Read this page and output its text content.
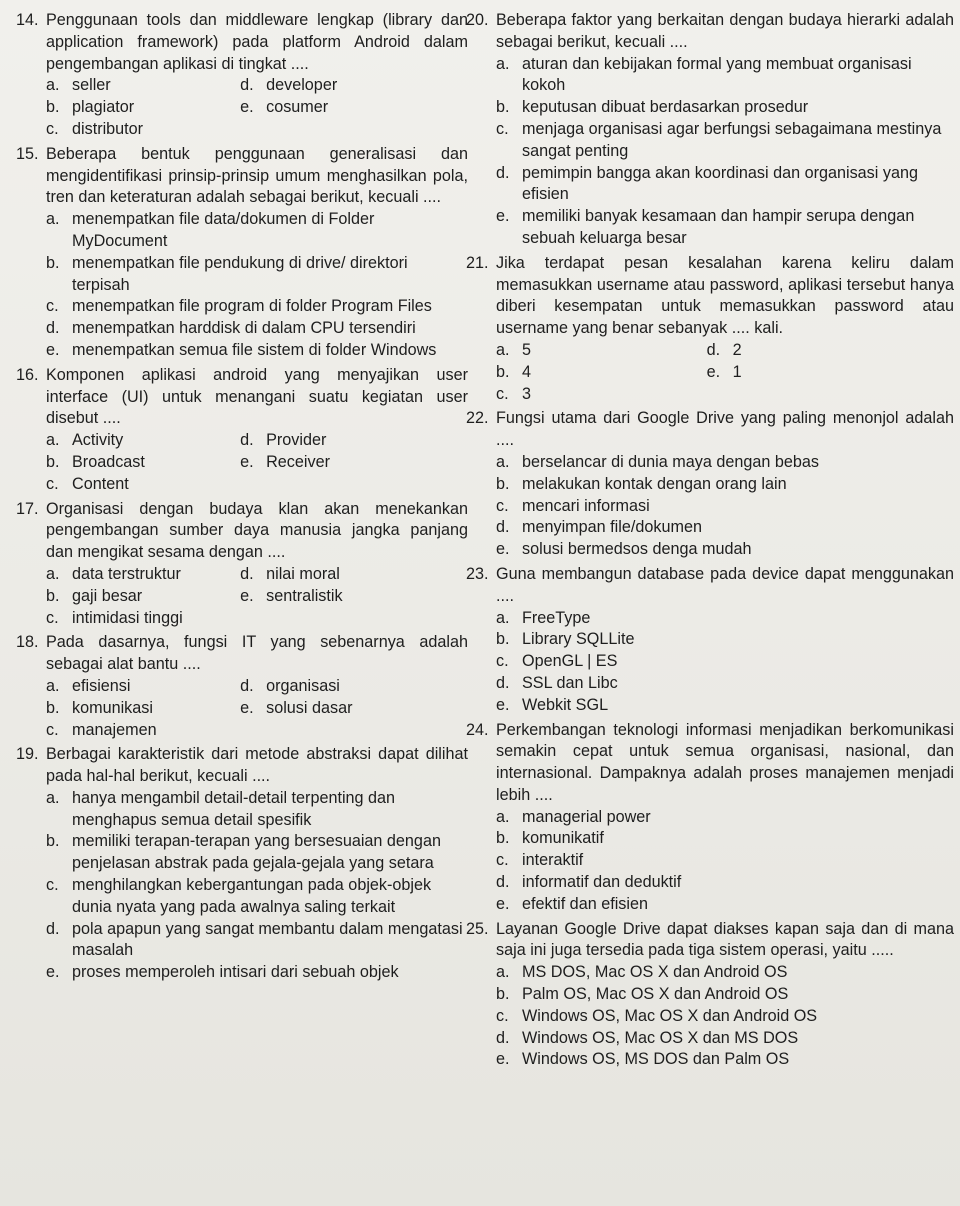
14. Penggunaan tools dan middleware lengkap (library dan application framework) pada platform Android dalam pengembangan aplikasi di tingkat ....
a. seller	d. developer
b. plagiator	e. cosumer
c. distributor
15. Beberapa bentuk penggunaan generalisasi dan mengidentifikasi prinsip-prinsip umum menghasilkan pola, tren dan keteraturan adalah sebagai berikut, kecuali ....
a. menempatkan file data/dokumen di Folder MyDocument
b. menempatkan file pendukung di drive/ direktori terpisah
c. menempatkan file program di folder Program Files
d. menempatkan harddisk di dalam CPU tersendiri
e. menempatkan semua file sistem di folder Windows
16. Komponen aplikasi android yang menyajikan user interface (UI) untuk menangani suatu kegiatan user disebut ....
a. Activity	d. Provider
b. Broadcast	e. Receiver
c. Content
17. Organisasi dengan budaya klan akan menekankan pengembangan sumber daya manusia jangka panjang dan mengikat sesama dengan ....
a. data terstruktur	d. nilai moral
b. gaji besar	e. sentralistik
c. intimidasi tinggi
18. Pada dasarnya, fungsi IT yang sebenarnya adalah sebagai alat bantu ....
a. efisiensi	d. organisasi
b. komunikasi	e. solusi dasar
c. manajemen
19. Berbagai karakteristik dari metode abstraksi dapat dilihat pada hal-hal berikut, kecuali ....
a. hanya mengambil detail-detail terpenting dan menghapus semua detail spesifik
b. memiliki terapan-terapan yang bersesuaian dengan penjelasan abstrak pada gejala-gejala yang setara
c. menghilangkan kebergantungan pada objek-objek dunia nyata yang pada awalnya saling terkait
d. pola apapun yang sangat membantu dalam mengatasi masalah
e. proses memperoleh intisari dari sebuah objek
20. Beberapa faktor yang berkaitan dengan budaya hierarki adalah sebagai berikut, kecuali ....
a. aturan dan kebijakan formal yang membuat organisasi kokoh
b. keputusan dibuat berdasarkan prosedur
c. menjaga organisasi agar berfungsi sebagaimana mestinya sangat penting
d. pemimpin bangga akan koordinasi dan organisasi yang efisien
e. memiliki banyak kesamaan dan hampir serupa dengan sebuah keluarga besar
21. Jika terdapat pesan kesalahan karena keliru dalam memasukkan username atau password, aplikasi tersebut hanya diberi kesempatan untuk memasukkan password atau username yang benar sebanyak .... kali.
a. 5	d. 2
b. 4	e. 1
c. 3
22. Fungsi utama dari Google Drive yang paling menonjol adalah ....
a. berselancar di dunia maya dengan bebas
b. melakukan kontak dengan orang lain
c. mencari informasi
d. menyimpan file/dokumen
e. solusi bermedsos denga mudah
23. Guna membangun database pada device dapat menggunakan ....
a. FreeType
b. Library SQLLite
c. OpenGL | ES
d. SSL dan Libc
e. Webkit SGL
24. Perkembangan teknologi informasi menjadikan berkomunikasi semakin cepat untuk semua organisasi, nasional, dan internasional. Dampaknya adalah proses manajemen menjadi lebih ....
a. managerial power
b. komunikatif
c. interaktif
d. informatif dan deduktif
e. efektif dan efisien
25. Layanan Google Drive dapat diakses kapan saja dan di mana saja ini juga tersedia pada tiga sistem operasi, yaitu .....
a. MS DOS, Mac OS X dan Android OS
b. Palm OS, Mac OS X dan Android OS
c. Windows OS, Mac OS X dan Android OS
d. Windows OS, Mac OS X dan MS DOS
e. Windows OS, MS DOS dan Palm OS
